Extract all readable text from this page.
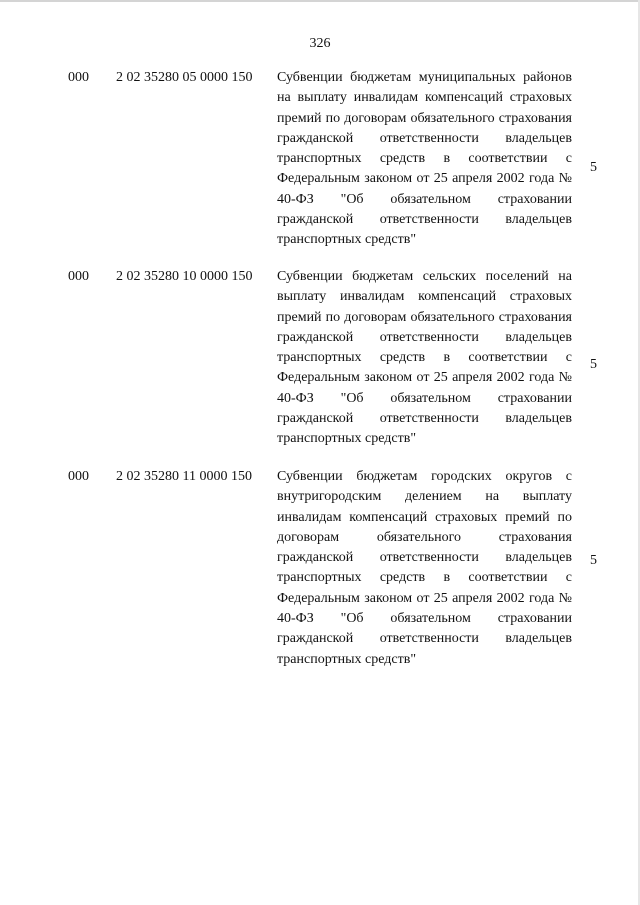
326
000 2 02 35280 05 0000 150 Субвенции бюджетам муниципальных районов на выплату инвалидам компенсаций страховых премий по договорам обязательного страхования гражданской ответственности владельцев транспортных средств в соответствии с Федеральным законом от 25 апреля 2002 года № 40-ФЗ "Об обязательном страховании гражданской ответственности владельцев транспортных средств"
5
000 2 02 35280 10 0000 150 Субвенции бюджетам сельских поселений на выплату инвалидам компенсаций страховых премий по договорам обязательного страхования гражданской ответственности владельцев транспортных средств в соответствии с Федеральным законом от 25 апреля 2002 года № 40-ФЗ "Об обязательном страховании гражданской ответственности владельцев транспортных средств"
5
000 2 02 35280 11 0000 150 Субвенции бюджетам городских округов с внутригородским делением на выплату инвалидам компенсаций страховых премий по договорам обязательного страхования гражданской ответственности владельцев транспортных средств в соответствии с Федеральным законом от 25 апреля 2002 года № 40-ФЗ "Об обязательном страховании гражданской ответственности владельцев транспортных средств"
5
